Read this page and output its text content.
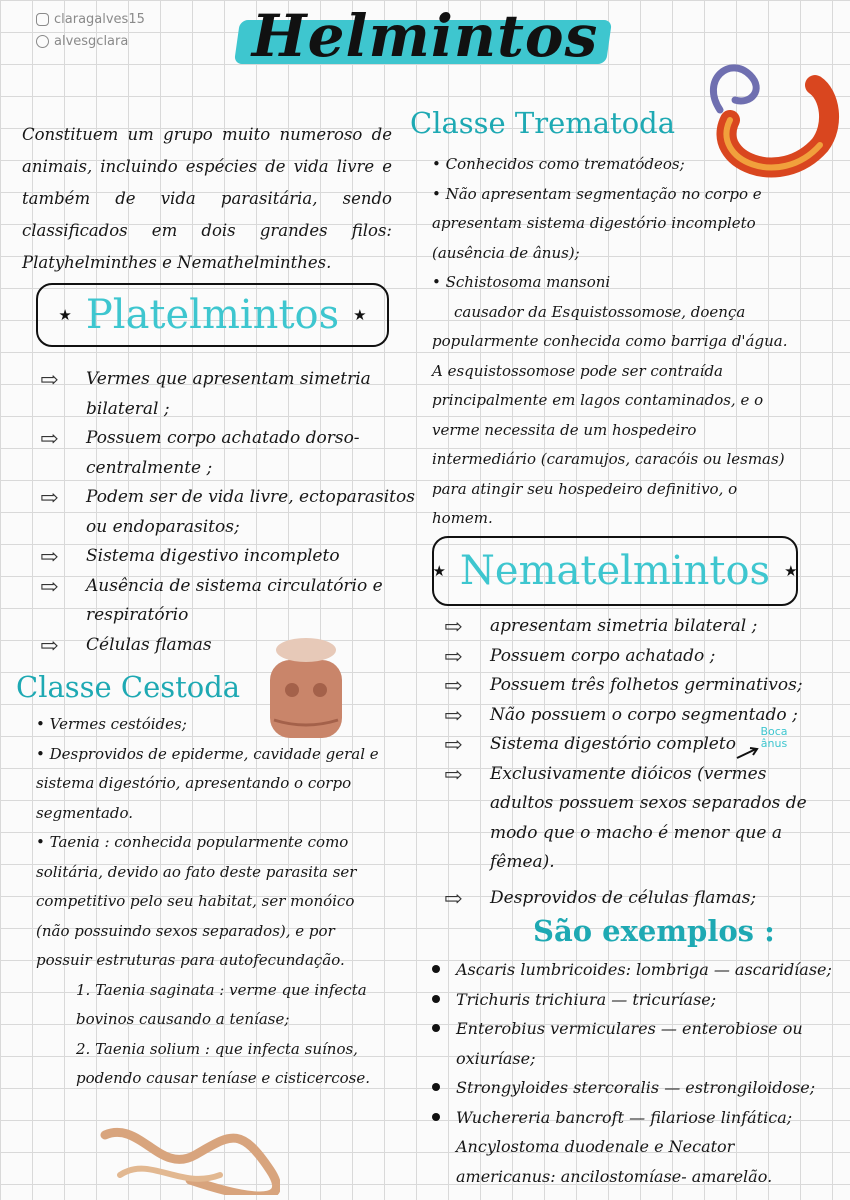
claragalves15
alvesgclara	Helmintos
Constituem um grupo muito numeroso de animais, incluindo espécies de vida livre e também de vida parasitária, sendo classificados em dois grandes filos: Platyhelminthes e Nemathelminthes.
★ Platelmintos ★
⇨ Vermes que apresentam simetria bilateral ;
⇨ Possuem corpo achatado dorso-centralmente ;
⇨ Podem ser de vida livre, ectoparasitos ou endoparasitos;
⇨ Sistema digestivo incompleto
⇨ Ausência de sistema circulatório e respiratório
⇨ Células flamas
Classe Cestoda
• Vermes cestóides;
• Desprovidos de epiderme, cavidade geral e sistema digestório, apresentando o corpo segmentado.
• Taenia : conhecida popularmente como solitária, devido ao fato deste parasita ser competitivo pelo seu habitat, ser monóico (não possuindo sexos separados), e por possuir estruturas para autofecundação.
1. Taenia saginata : verme que infecta bovinos causando a teníase;
2. Taenia solium : que infecta suínos, podendo causar teníase e cisticercose.
Classe Trematoda
• Conhecidos como trematódeos;
• Não apresentam segmentação no corpo e apresentam sistema digestório incompleto (ausência de ânus);
• Schistosoma mansoni
causador da Esquistossomose, doença popularmente conhecida como barriga d'água. A esquistossomose pode ser contraída principalmente em lagos contaminados, e o verme necessita de um hospedeiro intermediário (caramujos, caracóis ou lesmas) para atingir seu hospedeiro definitivo, o homem.
★ Nematelmintos ★
⇨ apresentam simetria bilateral ;
⇨ Possuem corpo achatado ;
⇨ Possuem três folhetos germinativos;
⇨ Não possuem o corpo segmentado ;
⇨ Sistema digestório completo
⇨ Exclusivamente dióicos (vermes adultos possuem sexos separados de modo que o macho é menor que a fêmea).
⇨ Desprovidos de células flamas;
Boca
ânus
São exemplos :
Ascaris lumbricoides: lombriga — ascaridíase;
Trichuris trichiura — tricuríase;
Enterobius vermiculares — enterobiose ou oxiuríase;
Strongyloides stercoralis — estrongiloidose;
Wuchereria bancroft — filariose linfática; Ancylostoma duodenale e Necator americanus: ancilostomíase- amarelão.
